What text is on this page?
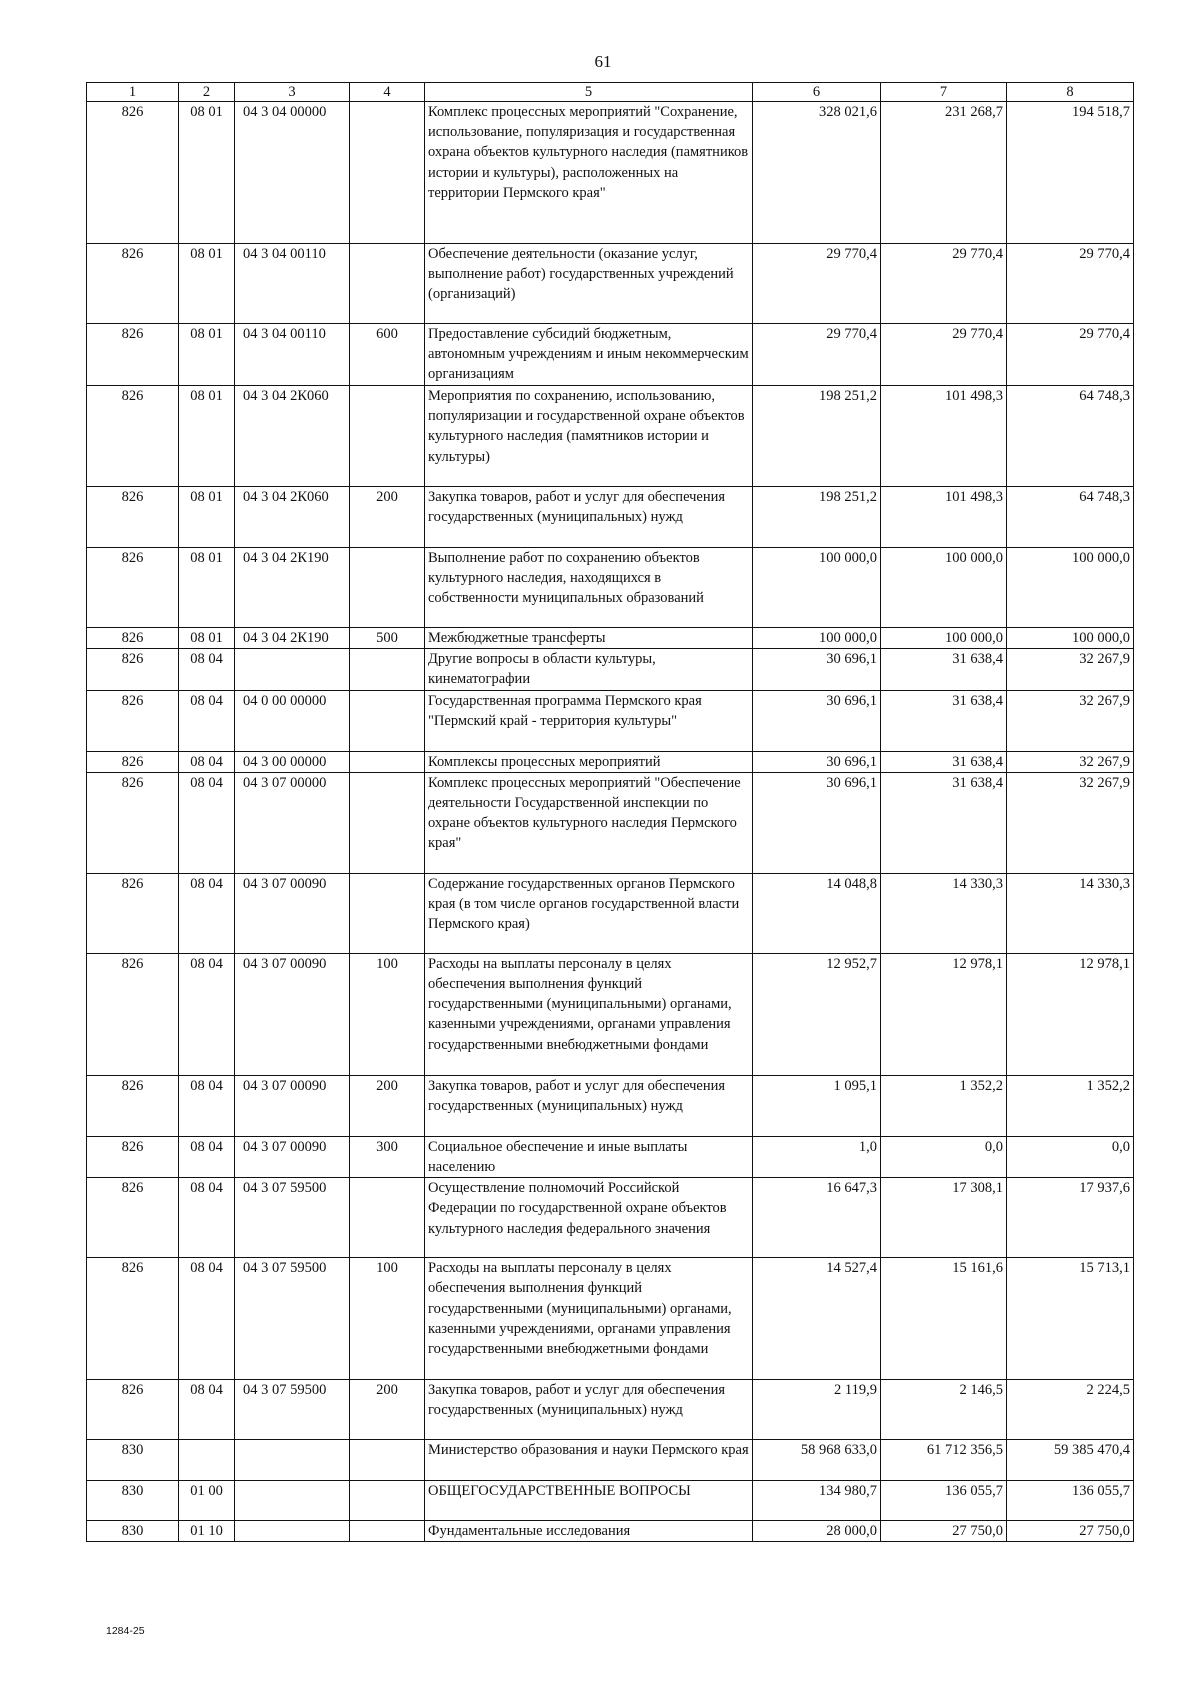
61
1	2	3	4	5	6	7	8
826	08 01	04 3 04 00000		Комплекс процессных мероприятий "Сохранение, использование, популяризация и государственная охрана объектов культурного наследия (памятников истории и культуры), расположенных на территории Пермского края"	328 021,6	231 268,7	194 518,7
826	08 01	04 3 04 00110		Обеспечение деятельности (оказание услуг, выполнение работ) государственных учреждений (организаций)	29 770,4	29 770,4	29 770,4
826	08 01	04 3 04 00110	600	Предоставление субсидий бюджетным, автономным учреждениям и иным некоммерческим организациям	29 770,4	29 770,4	29 770,4
826	08 01	04 3 04 2К060		Мероприятия по сохранению, использованию, популяризации и государственной охране объектов культурного наследия (памятников истории и культуры)	198 251,2	101 498,3	64 748,3
826	08 01	04 3 04 2К060	200	Закупка товаров, работ и услуг для обеспечения государственных (муниципальных) нужд	198 251,2	101 498,3	64 748,3
826	08 01	04 3 04 2К190		Выполнение работ по сохранению объектов культурного наследия, находящихся в собственности муниципальных образований	100 000,0	100 000,0	100 000,0
826	08 01	04 3 04 2К190	500	Межбюджетные трансферты	100 000,0	100 000,0	100 000,0
826	08 04			Другие вопросы в области культуры, кинематографии	30 696,1	31 638,4	32 267,9
826	08 04	04 0 00 00000		Государственная программа Пермского края "Пермский край - территория культуры"	30 696,1	31 638,4	32 267,9
826	08 04	04 3 00 00000		Комплексы процессных мероприятий	30 696,1	31 638,4	32 267,9
826	08 04	04 3 07 00000		Комплекс процессных мероприятий "Обеспечение деятельности Государственной инспекции по охране объектов культурного наследия Пермского края"	30 696,1	31 638,4	32 267,9
826	08 04	04 3 07 00090		Содержание государственных органов Пермского края (в том числе органов государственной власти Пермского края)	14 048,8	14 330,3	14 330,3
826	08 04	04 3 07 00090	100	Расходы на выплаты персоналу в целях обеспечения выполнения функций государственными (муниципальными) органами, казенными учреждениями, органами управления государственными внебюджетными фондами	12 952,7	12 978,1	12 978,1
826	08 04	04 3 07 00090	200	Закупка товаров, работ и услуг для обеспечения государственных (муниципальных) нужд	1 095,1	1 352,2	1 352,2
826	08 04	04 3 07 00090	300	Социальное обеспечение и иные выплаты населению	1,0	0,0	0,0
826	08 04	04 3 07 59500		Осуществление полномочий Российской Федерации по государственной охране объектов культурного наследия федерального значения	16 647,3	17 308,1	17 937,6
826	08 04	04 3 07 59500	100	Расходы на выплаты персоналу в целях обеспечения выполнения функций государственными (муниципальными) органами, казенными учреждениями, органами управления государственными внебюджетными фондами	14 527,4	15 161,6	15 713,1
826	08 04	04 3 07 59500	200	Закупка товаров, работ и услуг для обеспечения государственных (муниципальных) нужд	2 119,9	2 146,5	2 224,5
830				Министерство образования и науки Пермского края	58 968 633,0	61 712 356,5	59 385 470,4
830	01 00			ОБЩЕГОСУДАРСТВЕННЫЕ ВОПРОСЫ	134 980,7	136 055,7	136 055,7
830	01 10			Фундаментальные исследования	28 000,0	27 750,0	27 750,0
1284-25
